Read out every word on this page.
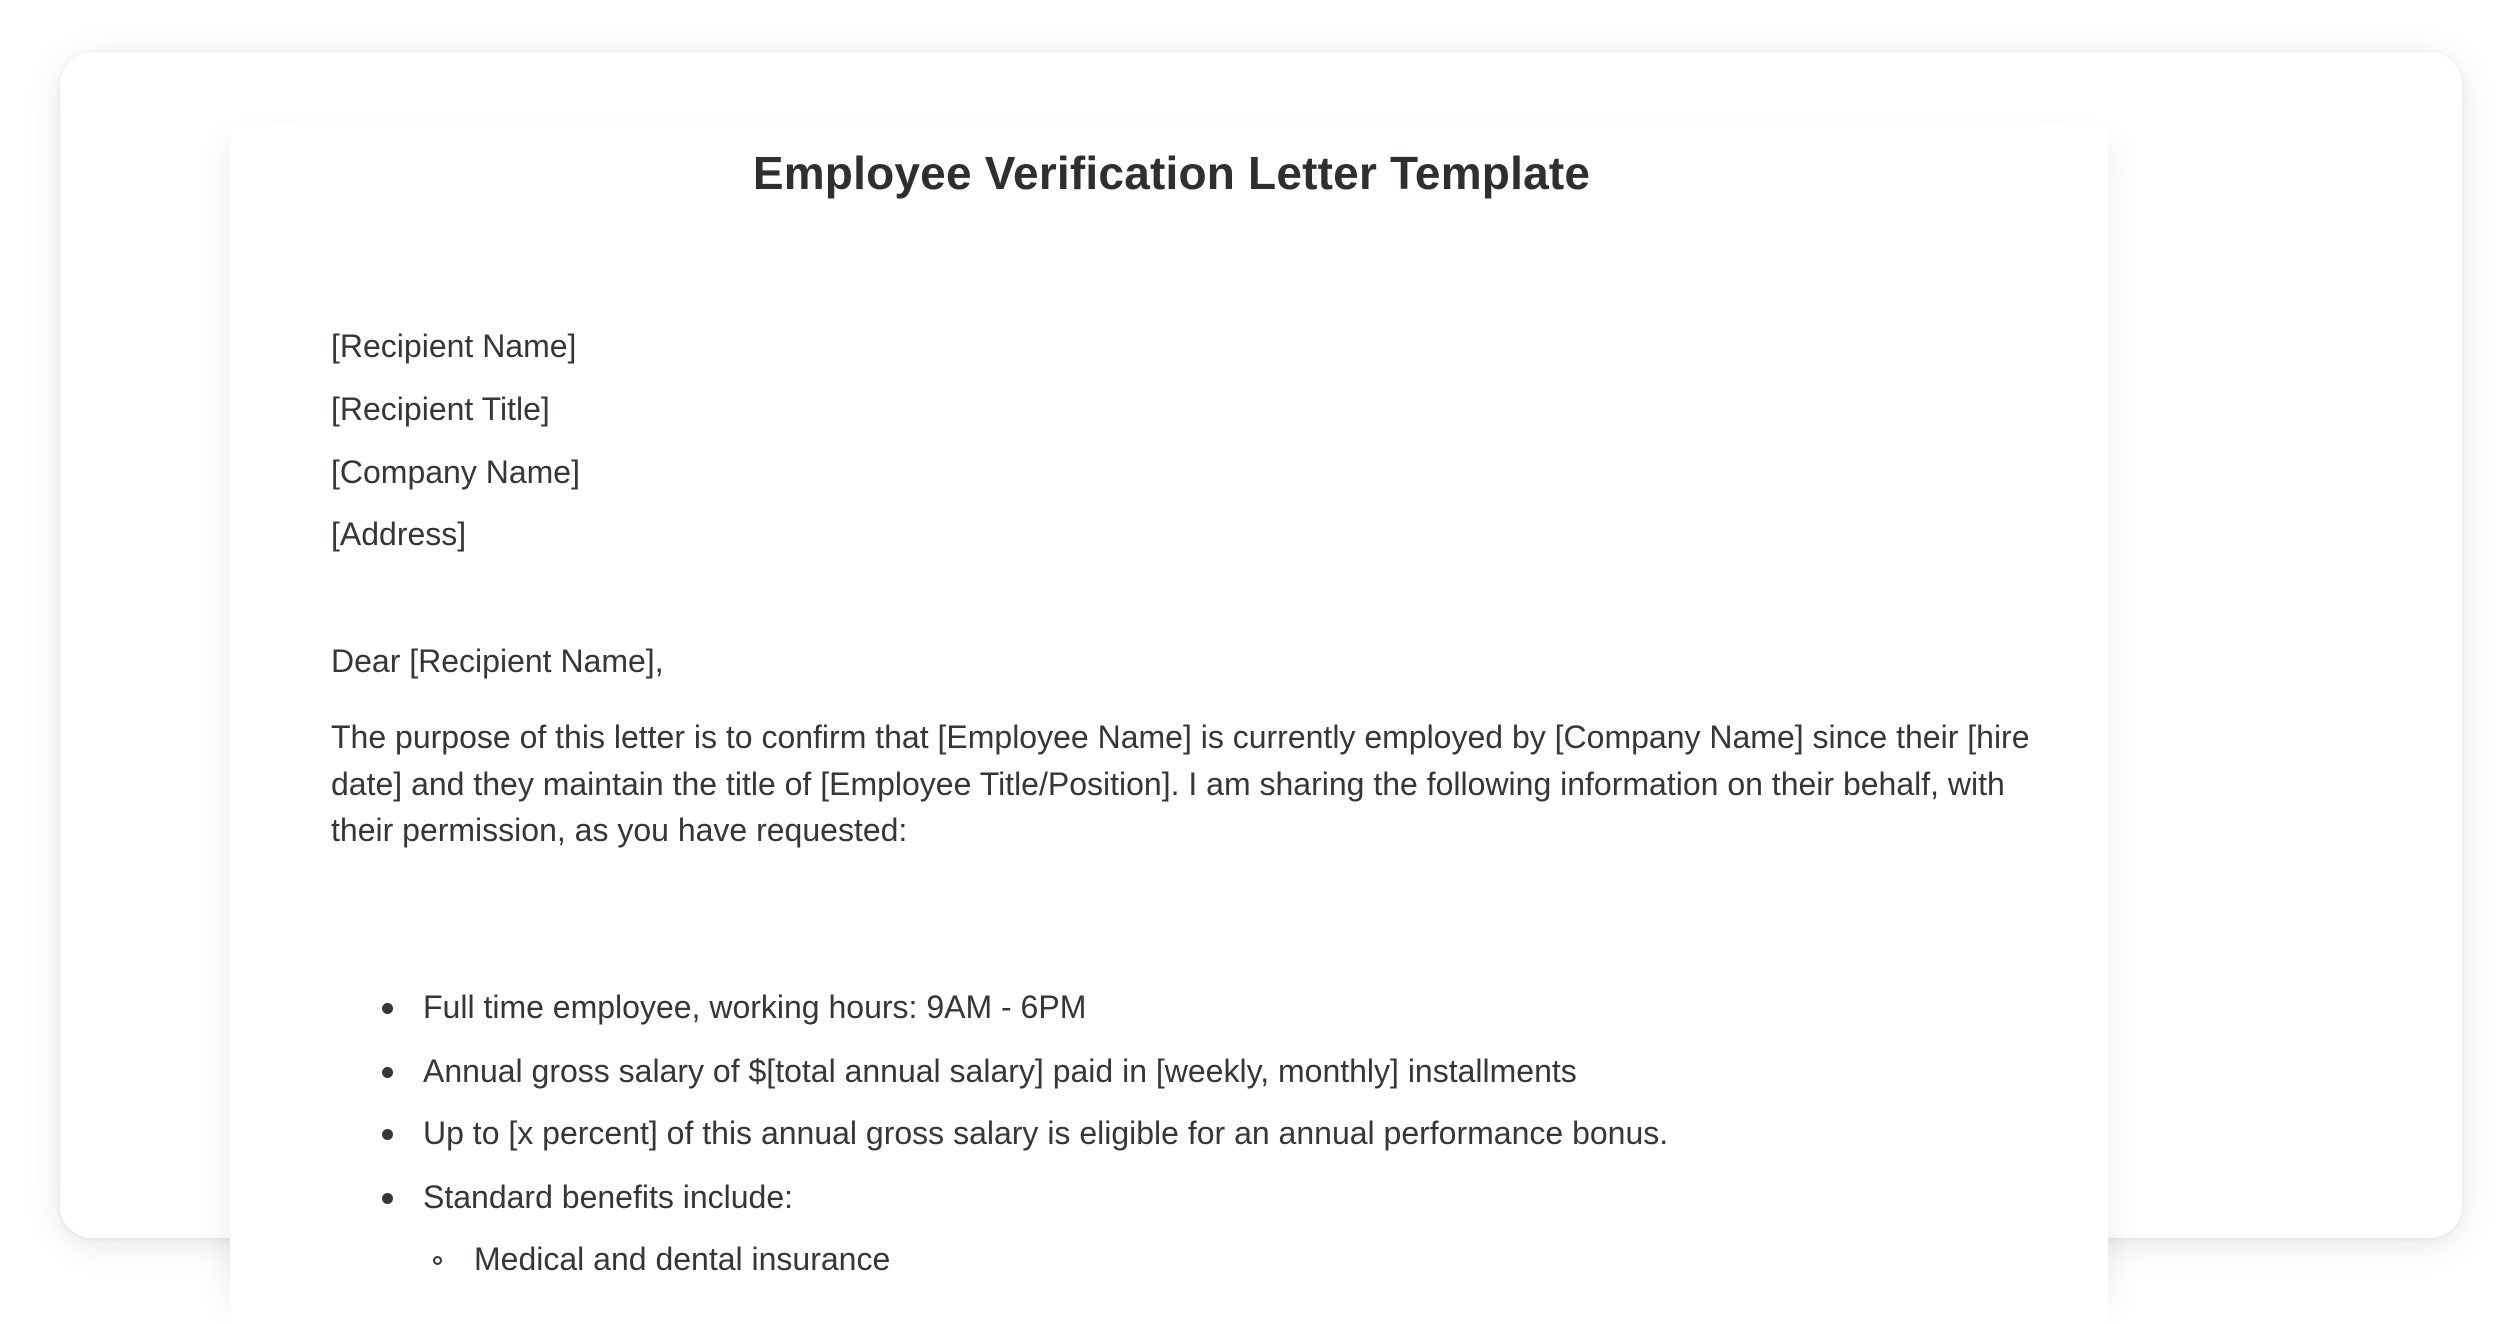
Employee Verification Letter Template

[Recipient Name]

[Recipient Title]

[Company Name]

[Address]

Dear [Recipient Name],

The purpose of this letter is to confirm that [Employee Name] is currently employed by [Company Name] since their [hire date] and they maintain the title of [Employee Title/Position]. I am sharing the following information on their behalf, with their permission, as you have requested:

Full time employee, working hours: 9AM - 6PM
Annual gross salary of $[total annual salary] paid in [weekly, monthly] installments
Up to [x percent] of this annual gross salary is eligible for an annual performance bonus.
Standard benefits include:
Medical and dental insurance
